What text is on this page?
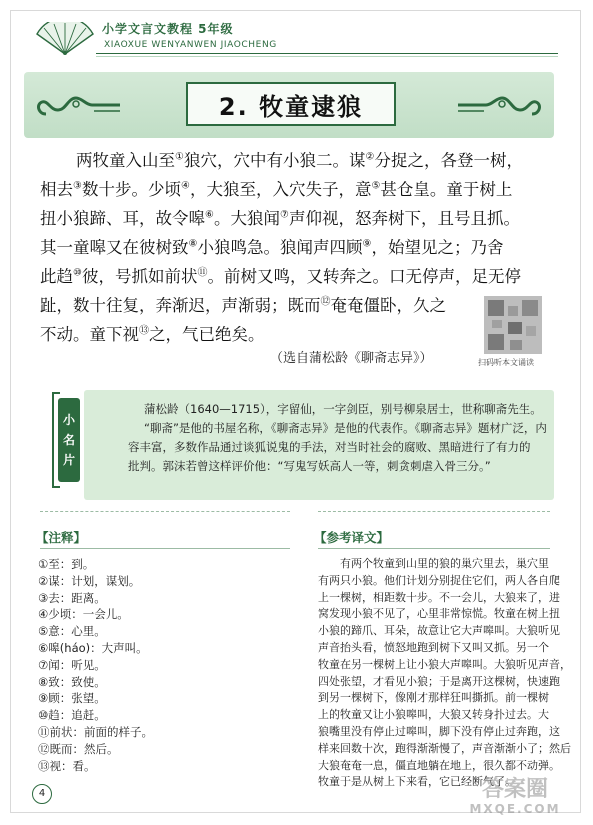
小学文言文教程 5年级
XIAOXUE WENYANWEN JIAOCHENG
2. 牧童逮狼
两牧童入山至①狼穴，穴中有小狼二。谋②分捉之，各登一树，
相去③数十步。少顷④，大狼至，入穴失子，意⑤甚仓皇。童于树上
扭小狼蹄、耳，故令嗥⑥。大狼闻⑦声仰视，怒奔树下，且号且抓。
其一童嗥又在彼树致⑧小狼鸣急。狼闻声四顾⑨，始望见之；乃舍
此趋⑩彼，号抓如前状⑪。前树又鸣，又转奔之。口无停声，足无停
趾，数十往复，奔渐迟，声渐弱；既而⑫奄奄僵卧，久之
不动。童下视⑬之，气已绝矣。
（选自蒲松龄《聊斋志异》）	扫码听本文诵读
小
名
片
蒲松龄（1640—1715），字留仙，一字剑臣，别号柳泉居士，世称聊斋先生。
“聊斋”是他的书屋名称，《聊斋志异》是他的代表作。《聊斋志异》题材广泛，内
容丰富，多数作品通过谈狐说鬼的手法，对当时社会的腐败、黑暗进行了有力的
批判。郭沫若曾这样评价他：“写鬼写妖高人一等，刺贪刺虐入骨三分。”
【注释】
①至：到。
②谋：计划，谋划。
③去：距离。
④少顷：一会儿。
⑤意：心里。
⑥嗥(háo)：大声叫。
⑦闻：听见。
⑧致：致使。
⑨顾：张望。
⑩趋：追赶。
⑪前状：前面的样子。
⑫既而：然后。
⑬视：看。
【参考译文】
有两个牧童到山里的狼的巢穴里去，巢穴里
有两只小狼。他们计划分别捉住它们，两人各自爬
上一棵树，相距数十步。不一会儿，大狼来了，进
窝发现小狼不见了，心里非常惊慌。牧童在树上扭
小狼的蹄爪、耳朵，故意让它大声嗥叫。大狼听见
声音抬头看，愤怒地跑到树下又叫又抓。另一个
牧童在另一棵树上让小狼大声嗥叫。大狼听见声音，
四处张望，才看见小狼；于是离开这棵树，快速跑
到另一棵树下，像刚才那样狂叫撕抓。前一棵树
上的牧童又让小狼嗥叫，大狼又转身扑过去。大
狼嘴里没有停止过嗥叫，脚下没有停止过奔跑，这
样来回数十次，跑得渐渐慢了，声音渐渐小了；然后
大狼奄奄一息，僵直地躺在地上，很久都不动弹。
牧童于是从树上下来看，它已经断气了。
4	答案圈
MXQE.COM
